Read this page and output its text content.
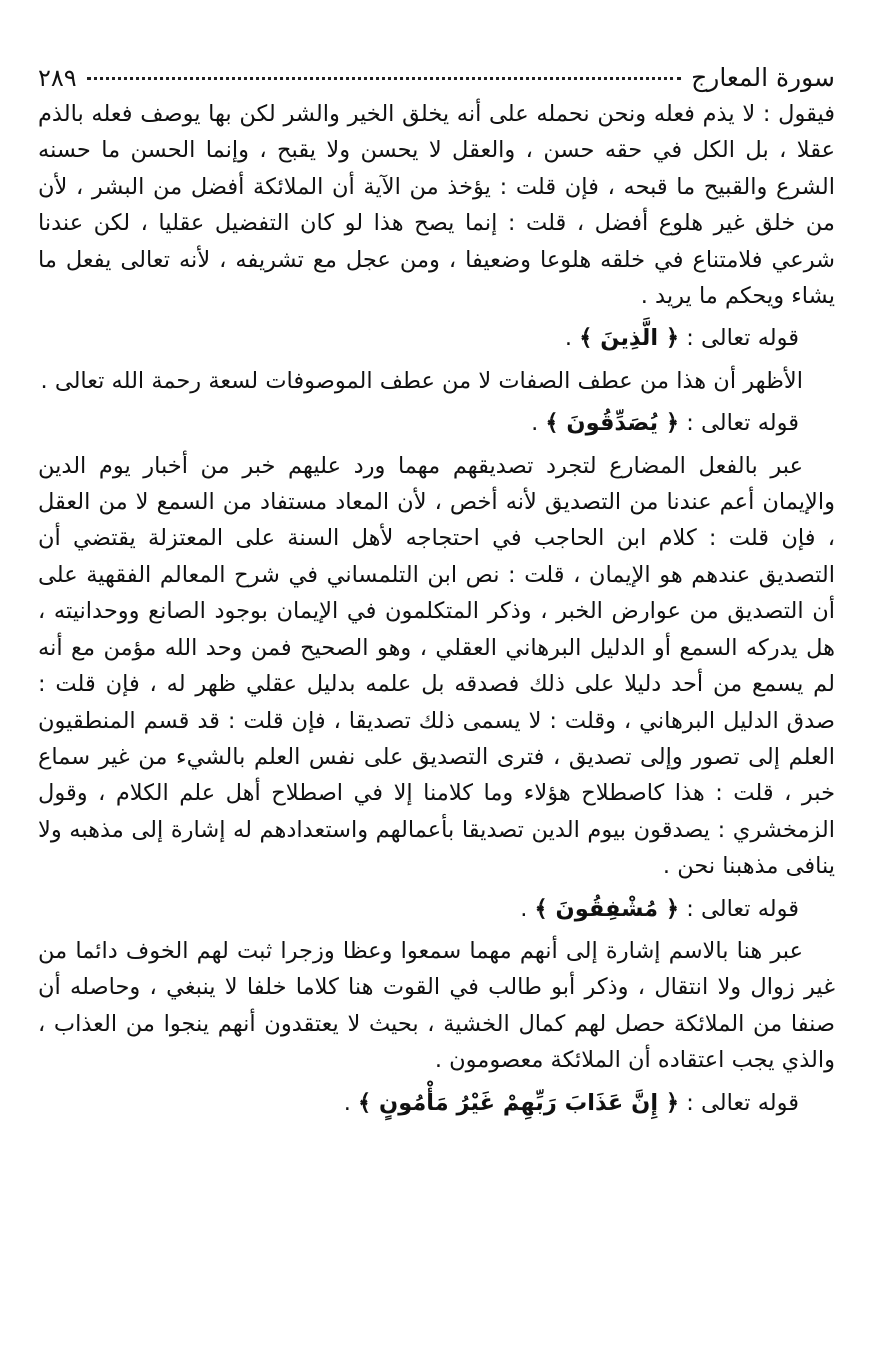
سورة المعارج
٢٨٩

فيقول : لا يذم فعله ونحن نحمله على أنه يخلق الخير والشر لكن بها يوصف فعله بالذم عقلا ، بل الكل في حقه حسن ، والعقل لا يحسن ولا يقبح ، وإنما الحسن ما حسنه الشرع والقبيح ما قبحه ، فإن قلت : يؤخذ من الآية أن الملائكة أفضل من البشر ، لأن من خلق غير هلوع أفضل ، قلت : إنما يصح هذا لو كان التفضيل عقليا ، لكن عندنا شرعي فلامتناع في خلقه هلوعا وضعيفا ، ومن عجل مع تشريفه ، لأنه تعالى يفعل ما يشاء ويحكم ما يريد .

قوله تعالى : ﴿ الَّذِينَ ﴾ .

الأظهر أن هذا من عطف الصفات لا من عطف الموصوفات لسعة رحمة الله تعالى .

قوله تعالى : ﴿ يُصَدِّقُونَ ﴾ .

عبر بالفعل المضارع لتجرد تصديقهم مهما ورد عليهم خبر من أخبار يوم الدين والإيمان أعم عندنا من التصديق لأنه أخص ، لأن المعاد مستفاد من السمع لا من العقل ، فإن قلت : كلام ابن الحاجب في احتجاجه لأهل السنة على المعتزلة يقتضي أن التصديق عندهم هو الإيمان ، قلت : نص ابن التلمساني في شرح المعالم الفقهية على أن التصديق من عوارض الخبر ، وذكر المتكلمون في الإيمان بوجود الصانع ووحدانيته ، هل يدركه السمع أو الدليل البرهاني العقلي ، وهو الصحيح فمن وحد الله مؤمن مع أنه لم يسمع من أحد دليلا على ذلك فصدقه بل علمه بدليل عقلي ظهر له ، فإن قلت : صدق الدليل البرهاني ، وقلت : لا يسمى ذلك تصديقا ، فإن قلت : قد قسم المنطقيون العلم إلى تصور وإلى تصديق ، فترى التصديق على نفس العلم بالشيء من غير سماع خبر ، قلت : هذا كاصطلاح هؤلاء وما كلامنا إلا في اصطلاح أهل علم الكلام ، وقول الزمخشري : يصدقون بيوم الدين تصديقا بأعمالهم واستعدادهم له إشارة إلى مذهبه ولا ينافى مذهبنا نحن .

قوله تعالى : ﴿ مُشْفِقُونَ ﴾ .

عبر هنا بالاسم إشارة إلى أنهم مهما سمعوا وعظا وزجرا ثبت لهم الخوف دائما من غير زوال ولا انتقال ، وذكر أبو طالب في القوت هنا كلاما خلفا لا ينبغي ، وحاصله أن صنفا من الملائكة حصل لهم كمال الخشية ، بحيث لا يعتقدون أنهم ينجوا من العذاب ، والذي يجب اعتقاده أن الملائكة معصومون .

قوله تعالى : ﴿ إِنَّ عَذَابَ رَبِّهِمْ غَيْرُ مَأْمُونٍ ﴾ .
